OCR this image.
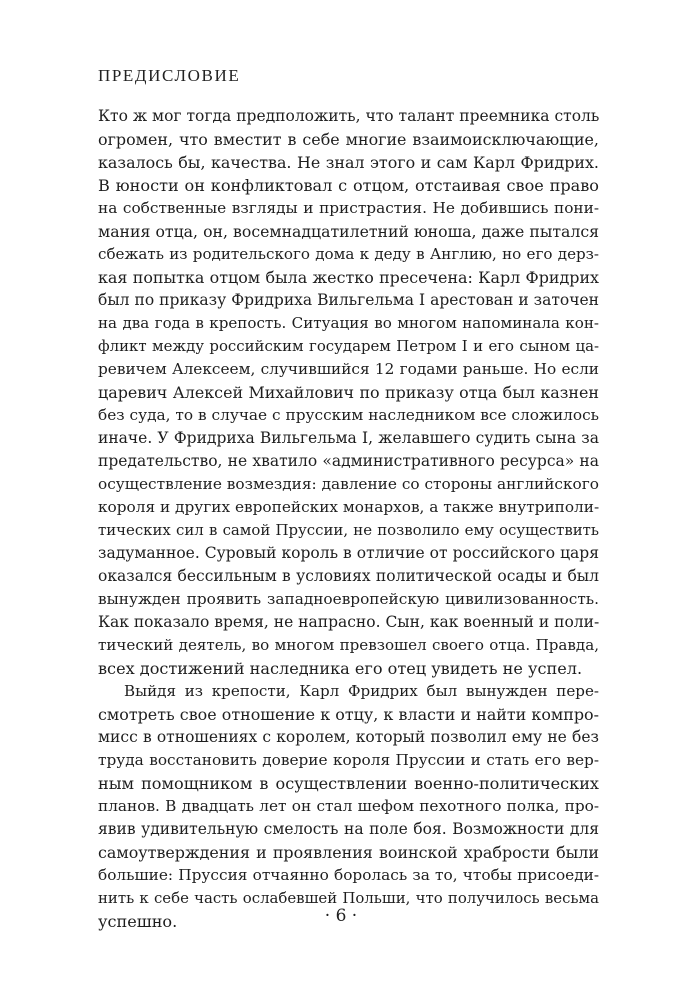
ПРЕДИСЛОВИЕ

Кто ж мог тогда предположить, что талант преемника столь
огромен, что вместит в себе многие взаимоисключающие,
казалось бы, качества. Не знал этого и сам Карл Фридрих.
В юности он конфликтовал с отцом, отстаивая свое право
на собственные взгляды и пристрастия. Не добившись пони-
мания отца, он, восемнадцатилетний юноша, даже пытался
сбежать из родительского дома к деду в Англию, но его дерз-
кая попытка отцом была жестко пресечена: Карл Фридрих
был по приказу Фридриха Вильгельма I арестован и заточен
на два года в крепость. Ситуация во многом напоминала кон-
фликт между российским государем Петром I и его сыном ца-
ревичем Алексеем, случившийся 12 годами раньше. Но если
царевич Алексей Михайлович по приказу отца был казнен
без суда, то в случае с прусским наследником все сложилось
иначе. У Фридриха Вильгельма I, желавшего судить сына за
предательство, не хватило «административного ресурса» на
осуществление возмездия: давление со стороны английского
короля и других европейских монархов, а также внутриполи-
тических сил в самой Пруссии, не позволило ему осуществить
задуманное. Суровый король в отличие от российского царя
оказался бессильным в условиях политической осады и был
вынужден проявить западноевропейскую цивилизованность.
Как показало время, не напрасно. Сын, как военный и поли-
тический деятель, во многом превзошел своего отца. Правда,
всех достижений наследника его отец увидеть не успел.

Выйдя из крепости, Карл Фридрих был вынужден пере-
смотреть свое отношение к отцу, к власти и найти компро-
мисс в отношениях с королем, который позволил ему не без
труда восстановить доверие короля Пруссии и стать его вер-
ным помощником в осуществлении военно-политических
планов. В двадцать лет он стал шефом пехотного полка, про-
явив удивительную смелость на поле боя. Возможности для
самоутверждения и проявления воинской храбрости были
большие: Пруссия отчаянно боролась за то, чтобы присоеди-
нить к себе часть ослабевшей Польши, что получилось весьма
успешно.	· 6 ·
